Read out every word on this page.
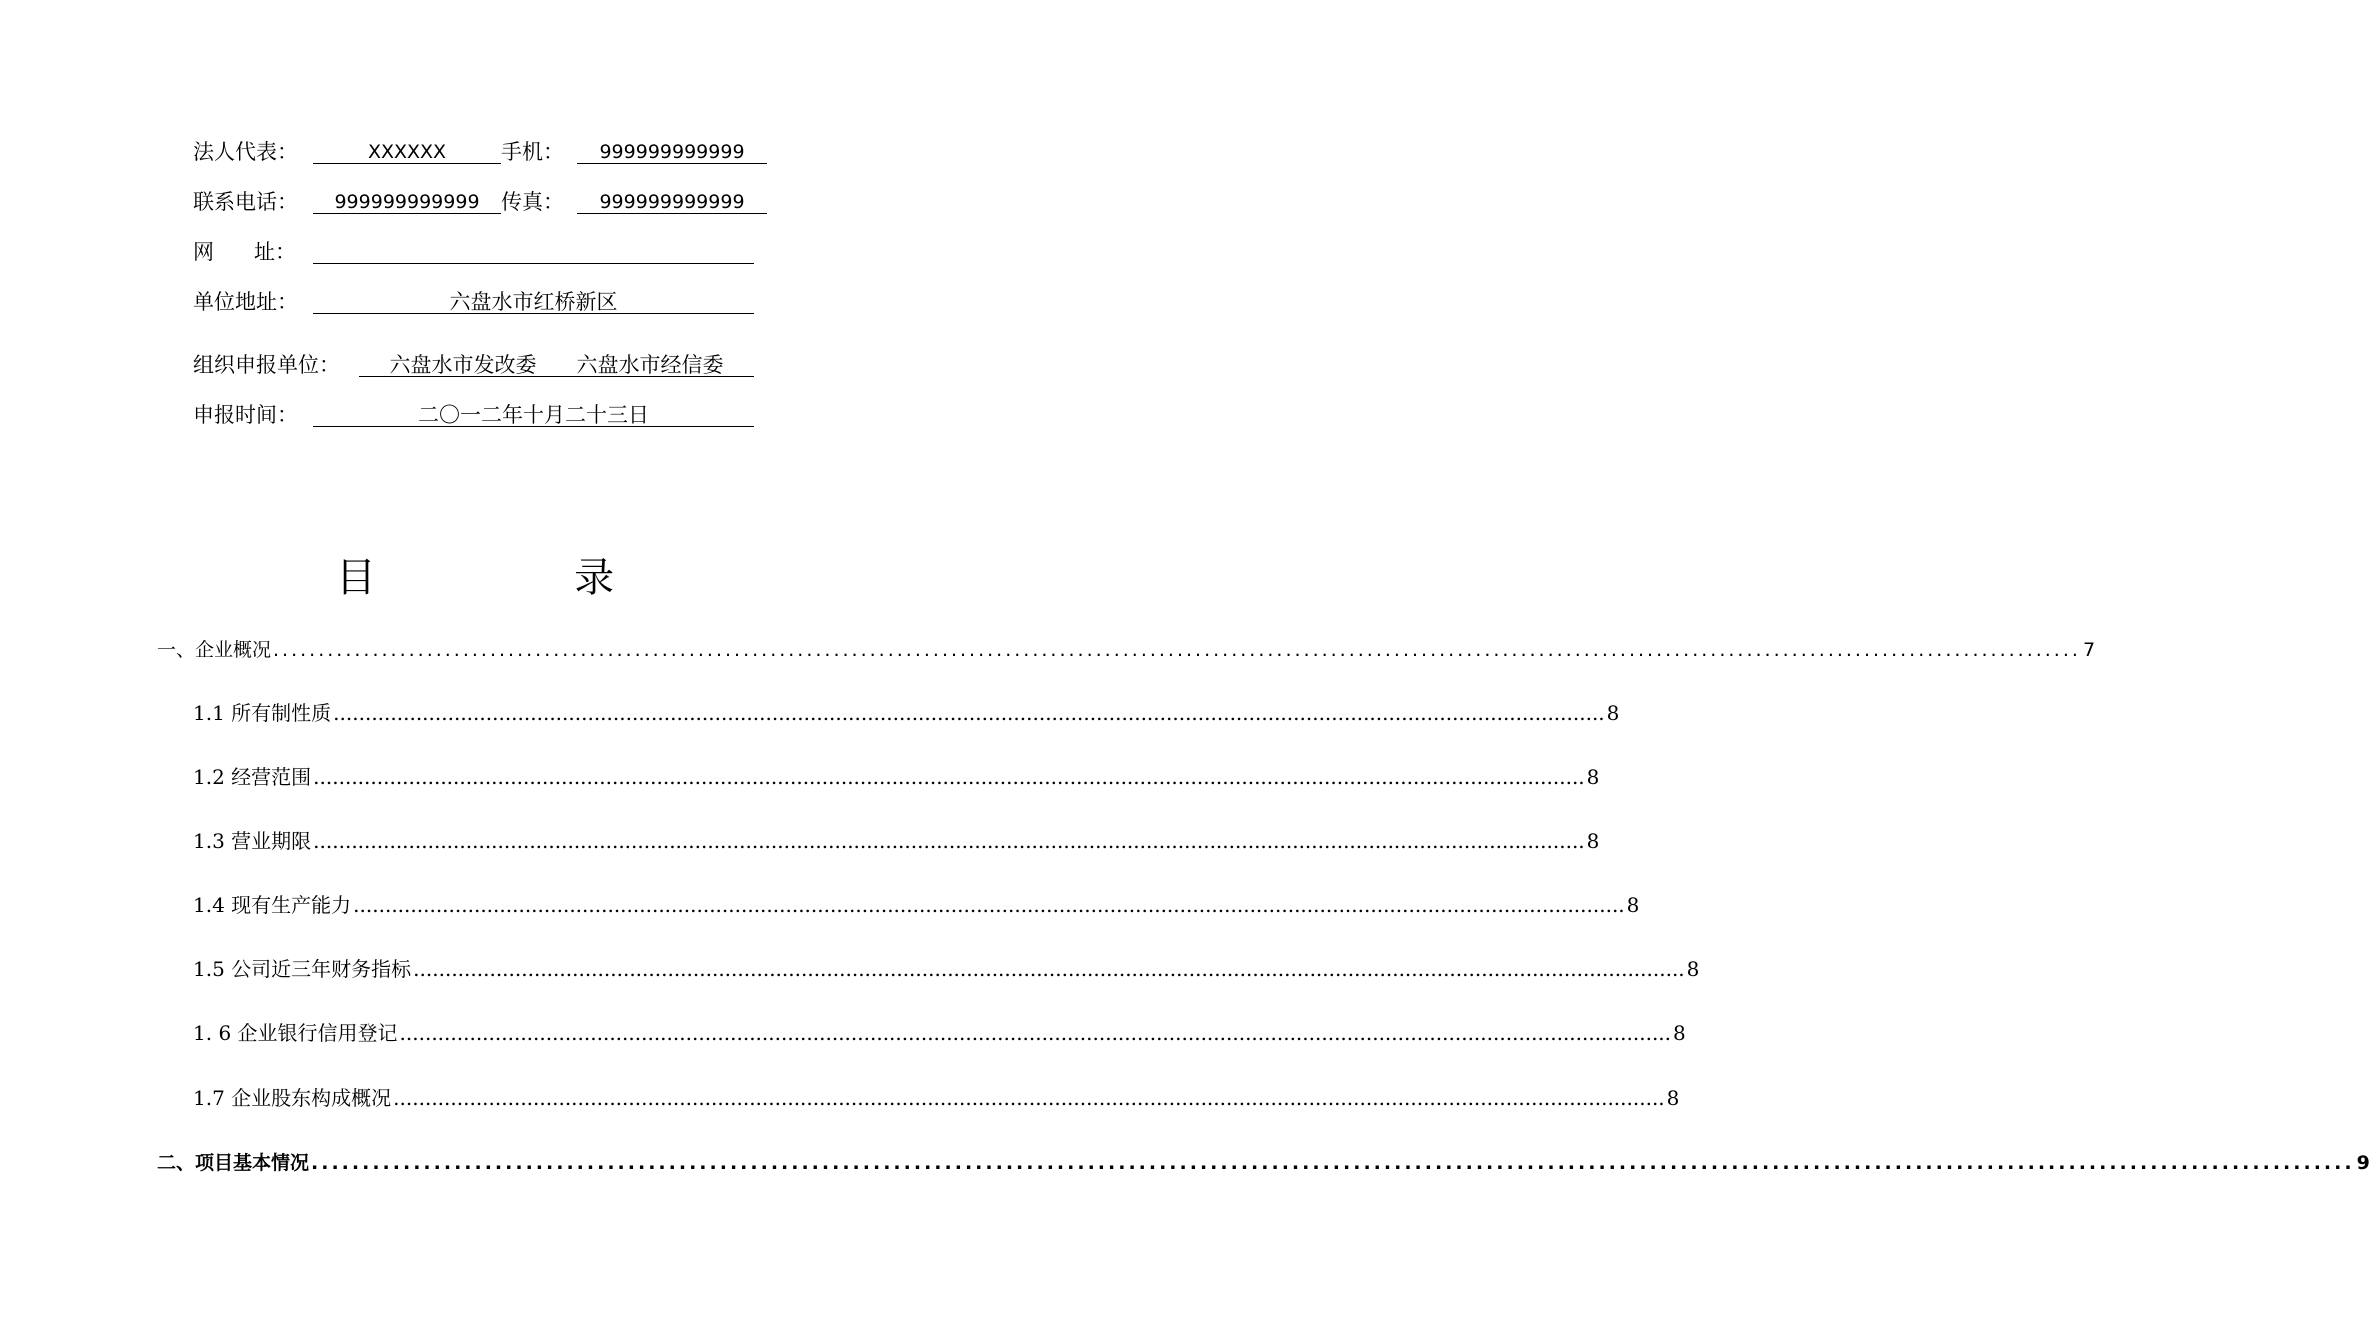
法人代表：	XXXXXX	手机：	999999999999
联系电话：	999999999999	传真：	999999999999
网      址：
单位地址：	六盘水市红桥新区
组织申报单位：	六盘水市发改委      六盘水市经信委
申报时间：	二〇一二年十月二十三日
目   录
一、企业概况 ........................................................................................................................................................................................................ 7
1.1 所有制性质 ........................................................................................................................................................................................................ 8
1.2 经营范围 ........................................................................................................................................................................................................ 8
1.3 营业期限 ........................................................................................................................................................................................................ 8
1.4 现有生产能力 ........................................................................................................................................................................................................ 8
1.5 公司近三年财务指标 ........................................................................................................................................................................................................ 8
1. 6 企业银行信用登记 ........................................................................................................................................................................................................ 8
1.7 企业股东构成概况 ........................................................................................................................................................................................................ 8
二、项目基本情况 ........................................................................................................................................................................................................ 9
